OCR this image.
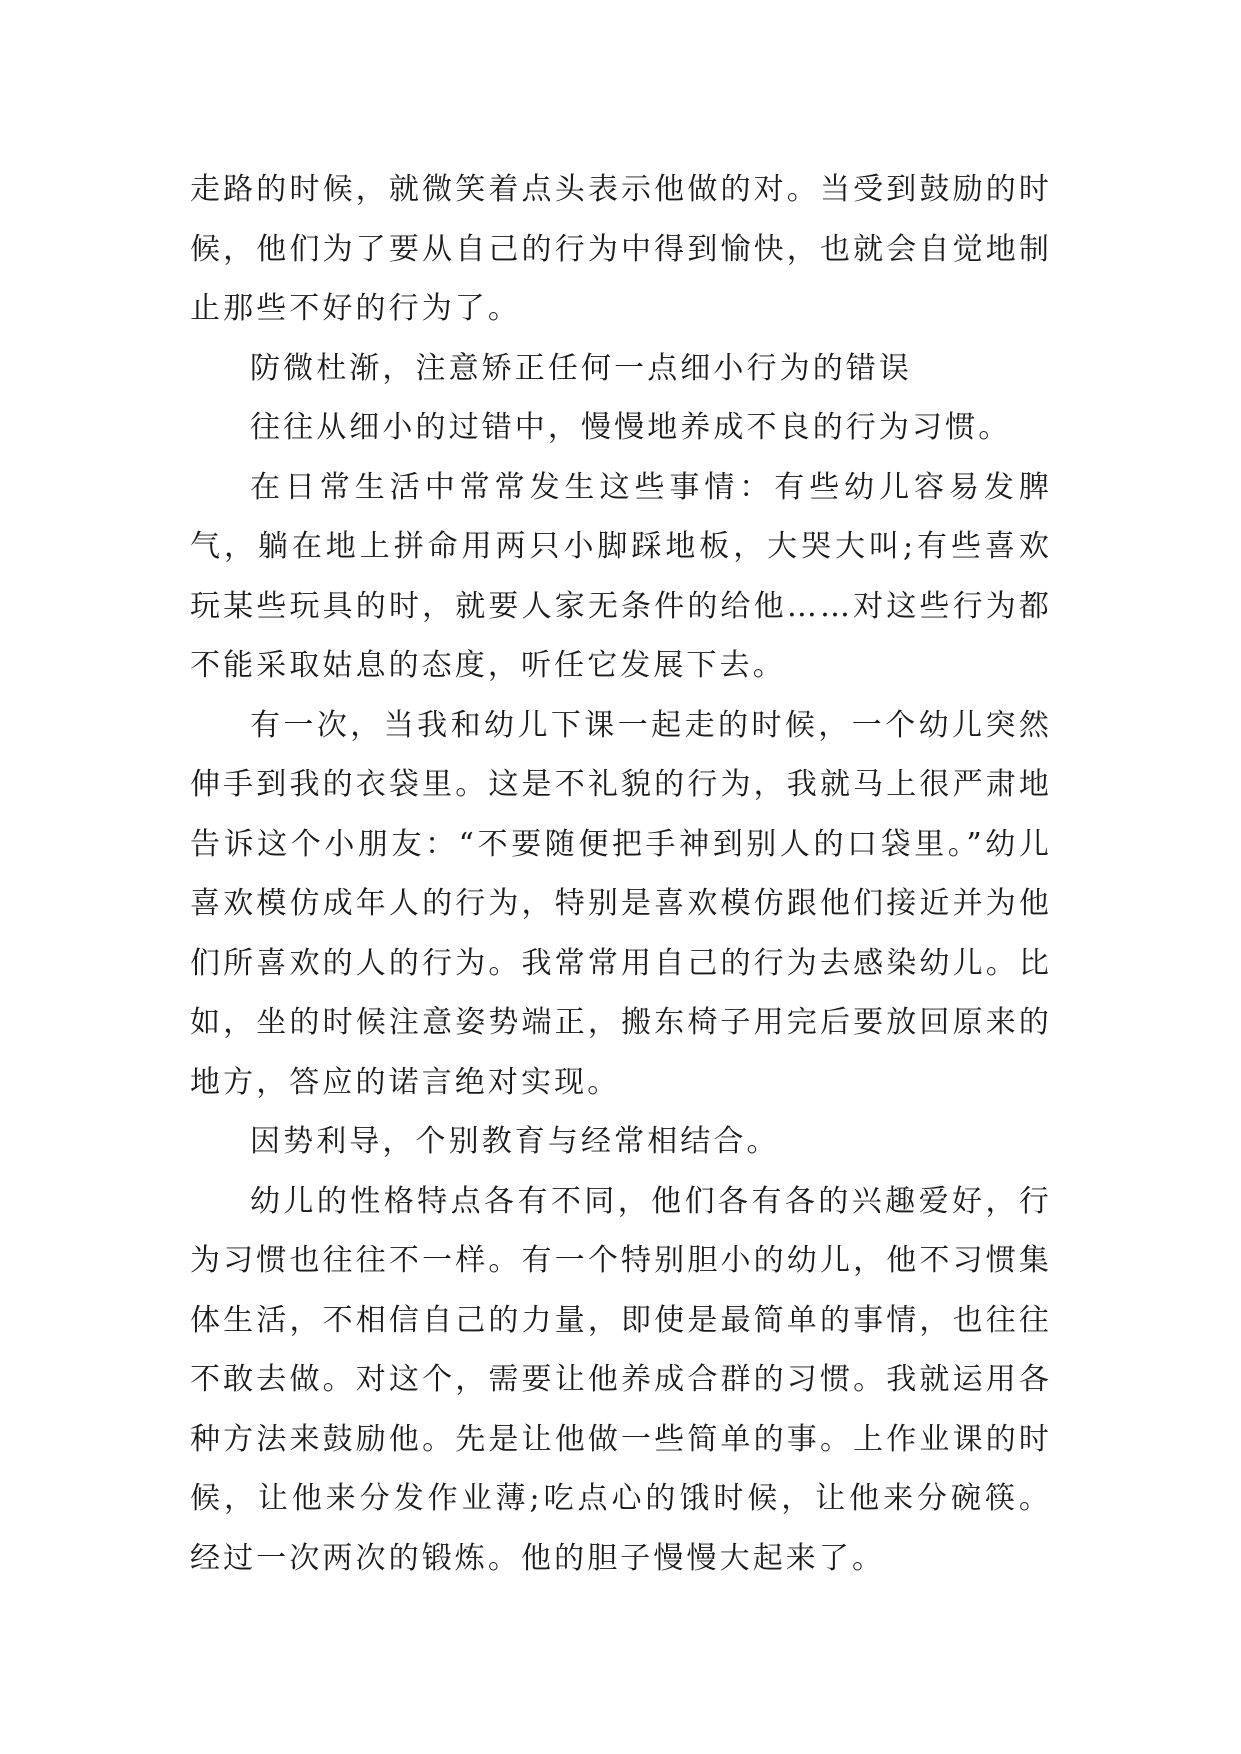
走路的时候，就微笑着点头表示他做的对。当受到鼓励的时候，他们为了要从自己的行为中得到愉快，也就会自觉地制止那些不好的行为了。

防微杜渐，注意矫正任何一点细小行为的错误

往往从细小的过错中，慢慢地养成不良的行为习惯。

在日常生活中常常发生这些事情：有些幼儿容易发脾气，躺在地上拼命用两只小脚踩地板，大哭大叫;有些喜欢玩某些玩具的时，就要人家无条件的给他……对这些行为都不能采取姑息的态度，听任它发展下去。

有一次，当我和幼儿下课一起走的时候，一个幼儿突然伸手到我的衣袋里。这是不礼貌的行为，我就马上很严肃地告诉这个小朋友：“不要随便把手神到别人的口袋里。”幼儿喜欢模仿成年人的行为，特别是喜欢模仿跟他们接近并为他们所喜欢的人的行为。我常常用自己的行为去感染幼儿。比如，坐的时候注意姿势端正，搬东椅子用完后要放回原来的地方，答应的诺言绝对实现。

因势利导，个别教育与经常相结合。

幼儿的性格特点各有不同，他们各有各的兴趣爱好，行为习惯也往往不一样。有一个特别胆小的幼儿，他不习惯集体生活，不相信自己的力量，即使是最简单的事情，也往往不敢去做。对这个，需要让他养成合群的习惯。我就运用各种方法来鼓励他。先是让他做一些简单的事。上作业课的时候，让他来分发作业薄;吃点心的饿时候，让他来分碗筷。经过一次两次的锻炼。他的胆子慢慢大起来了。
